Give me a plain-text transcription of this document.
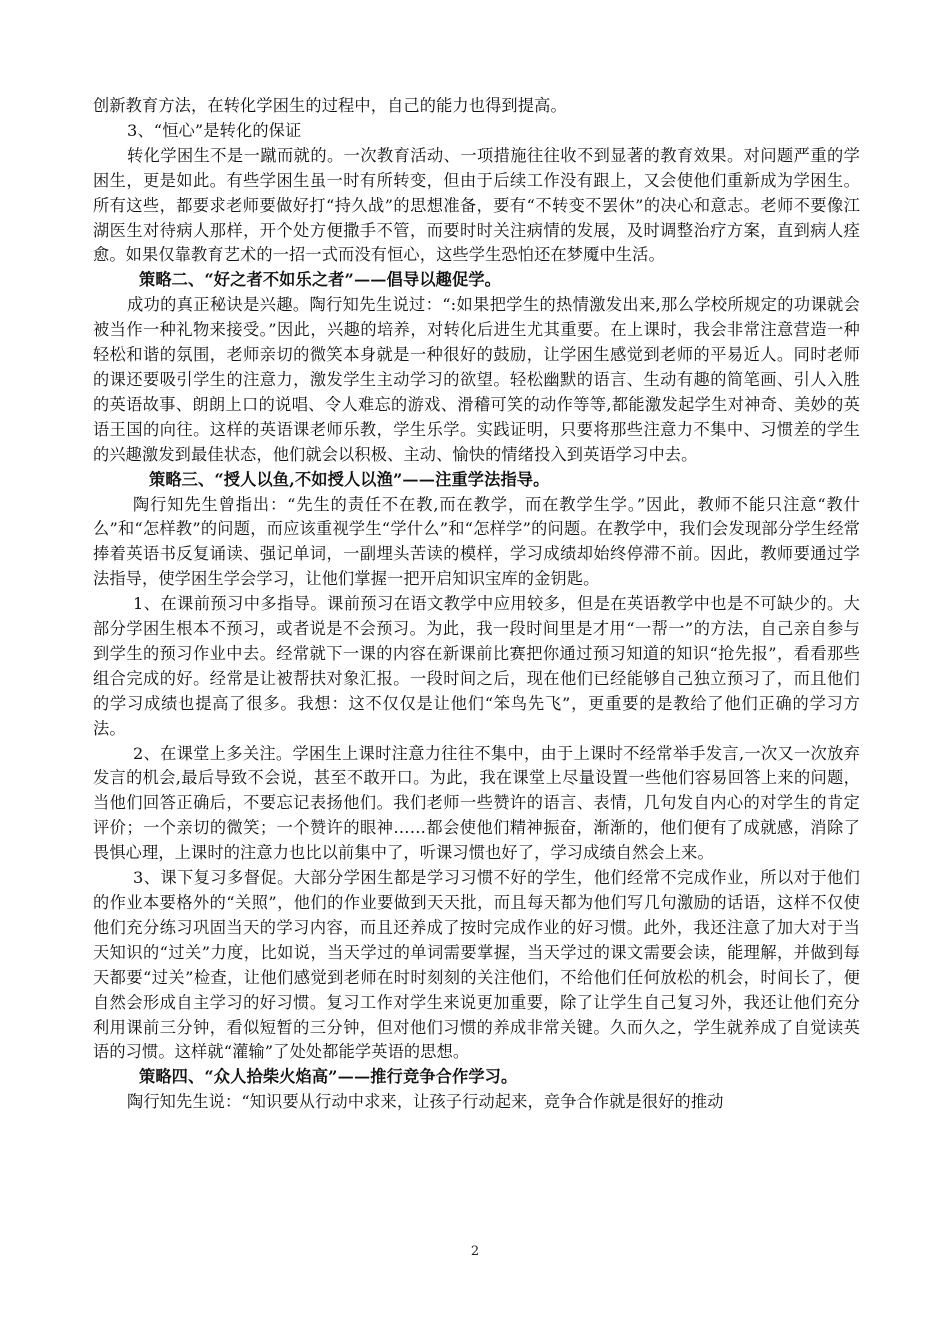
创新教育方法，在转化学困生的过程中，自己的能力也得到提高。

3、“恒心”是转化的保证

转化学困生不是一蹴而就的。一次教育活动、一项措施往往收不到显著的教育效果。对问题严重的学困生，更是如此。有些学困生虽一时有所转变，但由于后续工作没有跟上，又会使他们重新成为学困生。所有这些，都要求老师要做好打“持久战”的思想准备，要有“不转变不罢休”的决心和意志。老师不要像江湖医生对待病人那样，开个处方便撒手不管，而要时时关注病情的发展，及时调整治疗方案，直到病人痊愈。如果仅靠教育艺术的一招一式而没有恒心，这些学生恐怕还在梦魇中生活。

策略二、“好之者不如乐之者”——倡导以趣促学。

成功的真正秘诀是兴趣。陶行知先生说过：“:如果把学生的热情激发出来,那么学校所规定的功课就会被当作一种礼物来接受。”因此，兴趣的培养，对转化后进生尤其重要。在上课时，我会非常注意营造一种轻松和谐的氛围，老师亲切的微笑本身就是一种很好的鼓励，让学困生感觉到老师的平易近人。同时老师的课还要吸引学生的注意力，激发学生主动学习的欲望。轻松幽默的语言、生动有趣的简笔画、引人入胜的英语故事、朗朗上口的说唱、令人难忘的游戏、滑稽可笑的动作等等,都能激发起学生对神奇、美妙的英语王国的向往。这样的英语课老师乐教，学生乐学。实践证明，只要将那些注意力不集中、习惯差的学生的兴趣激发到最佳状态，他们就会以积极、主动、愉快的情绪投入到英语学习中去。

策略三、“授人以鱼,不如授人以渔”——注重学法指导。

陶行知先生曾指出：“先生的责任不在教,而在教学，而在教学生学。”因此，教师不能只注意“教什么”和“怎样教”的问题，而应该重视学生“学什么”和“怎样学”的问题。在教学中，我们会发现部分学生经常捧着英语书反复诵读、强记单词，一副埋头苦读的模样，学习成绩却始终停滞不前。因此，教师要通过学法指导，使学困生学会学习，让他们掌握一把开启知识宝库的金钥匙。

1、在课前预习中多指导。课前预习在语文教学中应用较多，但是在英语教学中也是不可缺少的。大部分学困生根本不预习，或者说是不会预习。为此，我一段时间里是才用“一帮一”的方法，自己亲自参与到学生的预习作业中去。经常就下一课的内容在新课前比赛把你通过预习知道的知识“抢先报”，看看那些组合完成的好。经常是让被帮扶对象汇报。一段时间之后，现在他们已经能够自己独立预习了，而且他们的学习成绩也提高了很多。我想：这不仅仅是让他们“笨鸟先飞”，更重要的是教给了他们正确的学习方法。

2、在课堂上多关注。学困生上课时注意力往往不集中，由于上课时不经常举手发言,一次又一次放弃发言的机会,最后导致不会说，甚至不敢开口。为此，我在课堂上尽量设置一些他们容易回答上来的问题，当他们回答正确后，不要忘记表扬他们。我们老师一些赞许的语言、表情，几句发自内心的对学生的肯定评价；一个亲切的微笑；一个赞许的眼神……都会使他们精神振奋，渐渐的，他们便有了成就感，消除了畏惧心理，上课时的注意力也比以前集中了，听课习惯也好了，学习成绩自然会上来。

3、课下复习多督促。大部分学困生都是学习习惯不好的学生，他们经常不完成作业，所以对于他们的作业本要格外的“关照”，他们的作业要做到天天批，而且每天都为他们写几句激励的话语，这样不仅使他们充分练习巩固当天的学习内容，而且还养成了按时完成作业的好习惯。此外，我还注意了加大对于当天知识的“过关”力度，比如说，当天学过的单词需要掌握，当天学过的课文需要会读，能理解，并做到每天都要“过关”检查，让他们感觉到老师在时时刻刻的关注他们，不给他们任何放松的机会，时间长了，便自然会形成自主学习的好习惯。复习工作对学生来说更加重要，除了让学生自己复习外，我还让他们充分利用课前三分钟，看似短暂的三分钟，但对他们习惯的养成非常关键。久而久之，学生就养成了自觉读英语的习惯。这样就“灌输”了处处都能学英语的思想。

策略四、“众人拾柴火焰高”——推行竞争合作学习。

陶行知先生说：“知识要从行动中求来，让孩子行动起来，竞争合作就是很好的推动

2
